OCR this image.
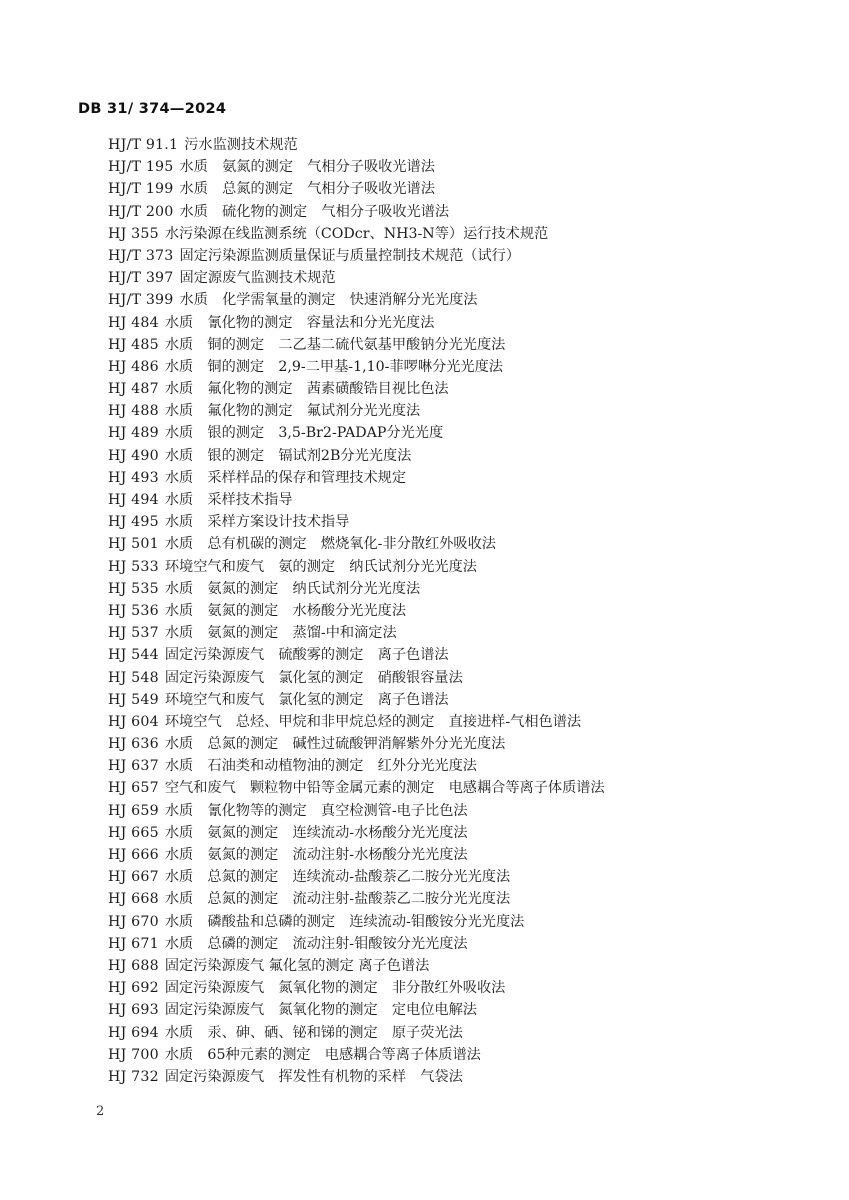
DB 31/ 374—2024
HJ/T 91.1 污水监测技术规范
HJ/T 195 水质　氨氮的测定　气相分子吸收光谱法
HJ/T 199 水质　总氮的测定　气相分子吸收光谱法
HJ/T 200 水质　硫化物的测定　气相分子吸收光谱法
HJ 355 水污染源在线监测系统（CODcr、NH3-N等）运行技术规范
HJ/T 373 固定污染源监测质量保证与质量控制技术规范（试行）
HJ/T 397 固定源废气监测技术规范
HJ/T 399 水质　化学需氧量的测定　快速消解分光光度法
HJ 484 水质　氰化物的测定　容量法和分光光度法
HJ 485 水质　铜的测定　二乙基二硫代氨基甲酸钠分光光度法
HJ 486 水质　铜的测定　2,9-二甲基-1,10-菲啰啉分光光度法
HJ 487 水质　氟化物的测定　茜素磺酸锆目视比色法
HJ 488 水质　氟化物的测定　氟试剂分光光度法
HJ 489 水质　银的测定　3,5-Br2-PADAP分光光度
HJ 490 水质　银的测定　镉试剂2B分光光度法
HJ 493 水质　采样样品的保存和管理技术规定
HJ 494 水质　采样技术指导
HJ 495 水质　采样方案设计技术指导
HJ 501 水质　总有机碳的测定　燃烧氧化-非分散红外吸收法
HJ 533 环境空气和废气　氨的测定　纳氏试剂分光光度法
HJ 535 水质　氨氮的测定　纳氏试剂分光光度法
HJ 536 水质　氨氮的测定　水杨酸分光光度法
HJ 537 水质　氨氮的测定　蒸馏-中和滴定法
HJ 544 固定污染源废气　硫酸雾的测定　离子色谱法
HJ 548 固定污染源废气　氯化氢的测定　硝酸银容量法
HJ 549 环境空气和废气　氯化氢的测定　离子色谱法
HJ 604 环境空气　总烃、甲烷和非甲烷总烃的测定　直接进样-气相色谱法
HJ 636 水质　总氮的测定　碱性过硫酸钾消解紫外分光光度法
HJ 637 水质　石油类和动植物油的测定　红外分光光度法
HJ 657 空气和废气　颗粒物中铅等金属元素的测定　电感耦合等离子体质谱法
HJ 659 水质　氰化物等的测定　真空检测管-电子比色法
HJ 665 水质　氨氮的测定　连续流动-水杨酸分光光度法
HJ 666 水质　氨氮的测定　流动注射-水杨酸分光光度法
HJ 667 水质　总氮的测定　连续流动-盐酸萘乙二胺分光光度法
HJ 668 水质　总氮的测定　流动注射-盐酸萘乙二胺分光光度法
HJ 670 水质　磷酸盐和总磷的测定　连续流动-钼酸铵分光光度法
HJ 671 水质　总磷的测定　流动注射-钼酸铵分光光度法
HJ 688 固定污染源废气 氟化氢的测定 离子色谱法
HJ 692 固定污染源废气　氮氧化物的测定　非分散红外吸收法
HJ 693 固定污染源废气　氮氧化物的测定　定电位电解法
HJ 694 水质　汞、砷、硒、铋和锑的测定　原子荧光法
HJ 700 水质　65种元素的测定　电感耦合等离子体质谱法
HJ 732 固定污染源废气　挥发性有机物的采样　气袋法
2
